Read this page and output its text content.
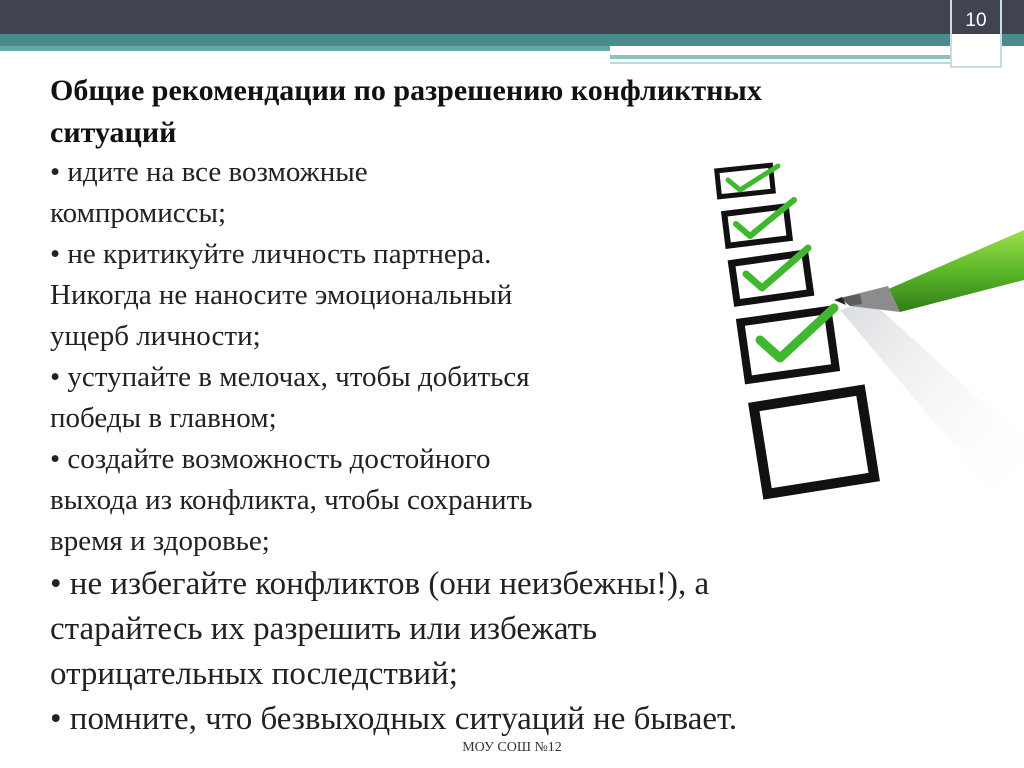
10
Общие рекомендации по разрешению конфликтных
ситуаций
• идите на все возможные
компромиссы;
• не критикуйте личность партнера.
Никогда не наносите эмоциональный
ущерб личности;
• уступайте в мелочах, чтобы добиться
победы в главном;
• создайте возможность достойного
выхода из конфликта, чтобы сохранить
время и здоровье;
• не избегайте конфликтов (они неизбежны!), а
старайтесь их разрешить или избежать
отрицательных последствий;
• помните, что безвыходных ситуаций не бывает.
МОУ СОШ №12
